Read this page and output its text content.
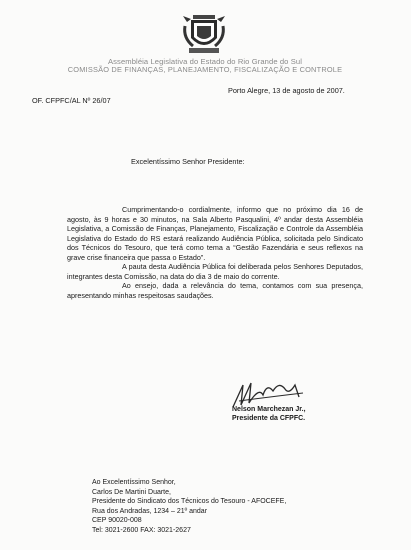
Assembléia Legislativa do Estado do Rio Grande do Sul
COMISSÃO DE FINANÇAS, PLANEJAMENTO, FISCALIZAÇÃO E CONTROLE
Porto Alegre, 13 de agosto de 2007.
OF. CFPFC/AL Nº 26/07
Excelentíssimo Senhor Presidente:

Cumprimentando-o cordialmente, informo que no próximo dia 16 de agosto, às 9 horas e 30 minutos, na Sala Alberto Pasqualini, 4º andar desta Assembléia Legislativa, a Comissão de Finanças, Planejamento, Fiscalização e Controle da Assembléia Legislativa do Estado do RS estará realizando Audiência Pública, solicitada pelo Sindicato dos Técnicos do Tesouro, que terá como tema a “Gestão Fazendária e seus reflexos na grave crise financeira que passa o Estado”.

A pauta desta Audiência Pública foi deliberada pelos Senhores Deputados, integrantes desta Comissão, na data do dia 3 de maio do corrente.

Ao ensejo, dada a relevância do tema, contamos com sua presença, apresentando minhas respeitosas saudações.

Nelson Marchezan Jr.,
Presidente da CFPFC.
Ao Excelentíssimo Senhor,
Carlos De Martini Duarte,
Presidente do Sindicato dos Técnicos do Tesouro - AFOCEFE,
Rua dos Andradas, 1234 – 21º andar
CEP 90020-008
Tel: 3021-2600 FAX: 3021-2627
